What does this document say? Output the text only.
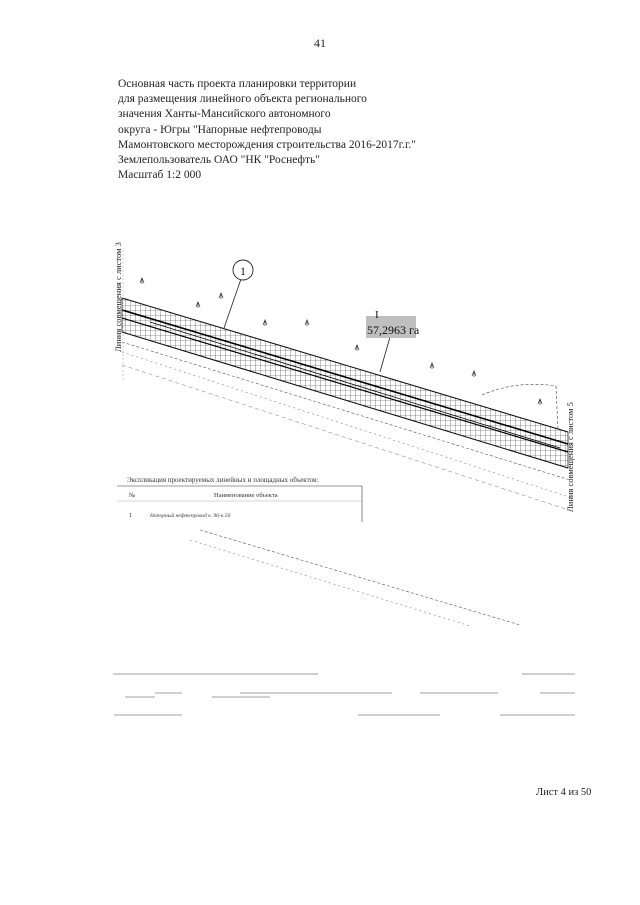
41
Основная часть проекта планировки территории
для размещения линейного объекта регионального
значения Ханты-Мансийского автономного
округа - Югры "Напорные нефтепроводы
Мамонтовского месторождения строительства 2016-2017г.г."
Землепользователь ОАО "НК "Роснефть"
Масштаб 1:2 000
Линия совмещения с листом 3
Линия совмещения с листом 5
1
I
57,2963 га
Экспликация проектируемых линейных и площадных объектов:
№	Наименование объекта
1	Напорный нефтепровод к. 96-к.50
Лист 4 из 50
